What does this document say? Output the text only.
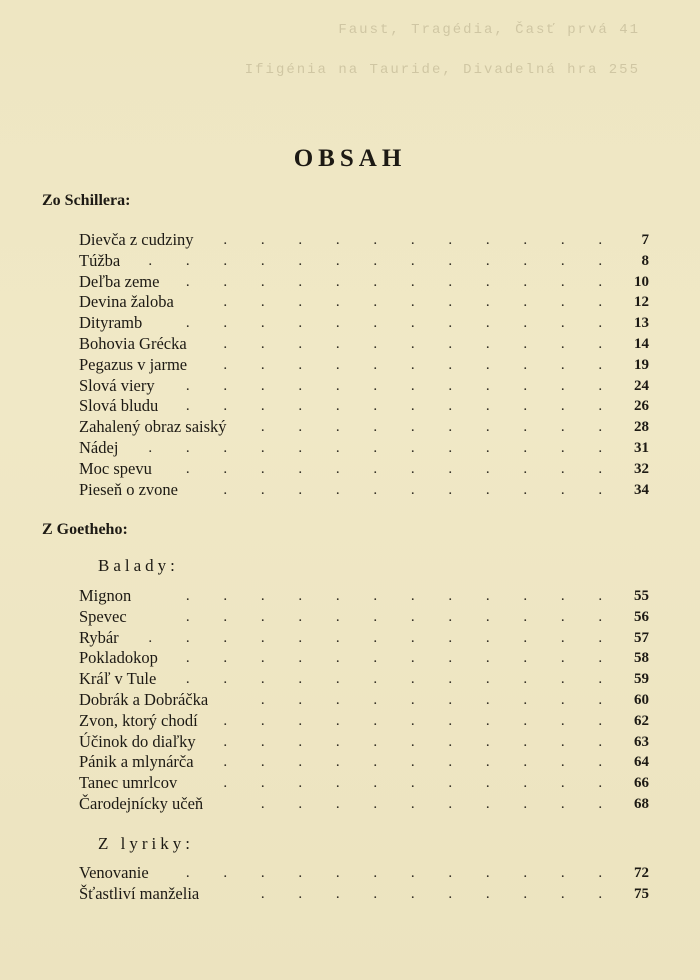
Faust, Tragédia, Časť prvá 41
Ifigénia na Tauride, Divadelná hra 255
OBSAH
Zo Schillera:
. . . . . . . . . . .
Dievča z cudziny	7
. . . . . . . . . . . . .
Túžba	8
. . . . . . . . . . . .
Deľba zeme	10
. . . . . . . . . . .
Devina žaloba	12
. . . . . . . . . . . .
Dityramb	13
. . . . . . . . . . .
Bohovia Grécka	14
. . . . . . . . . . .
Pegazus v jarme	19
. . . . . . . . . . . .
Slová viery	24
. . . . . . . . . . . .
Slová bludu	26
. . . . . . . . . .
Zahalený obraz saiský	28
. . . . . . . . . . . . .
Nádej	31
. . . . . . . . . . . .
Moc spevu	32
. . . . . . . . . . .
Pieseň o zvone	34
Z Goetheho:
Balady:
. . . . . . . . . . . .
Mignon	55
. . . . . . . . . . . .
Spevec	56
. . . . . . . . . . . . .
Rybár	57
. . . . . . . . . . . .
Pokladokop	58
. . . . . . . . . . . .
Kráľ v Tule	59
. . . . . . . . . .
Dobrák a Dobráčka	60
. . . . . . . . . . .
Zvon, ktorý chodí	62
. . . . . . . . . . .
Účinok do diaľky	63
. . . . . . . . . . .
Pánik a mlynárča	64
. . . . . . . . . . .
Tanec umrlcov	66
. . . . . . . . . .
Čarodejnícky učeň	68
Z lyriky:
. . . . . . . . . . . .
Venovanie	72
. . . . . . . . . .
Šťastliví manželia	75
